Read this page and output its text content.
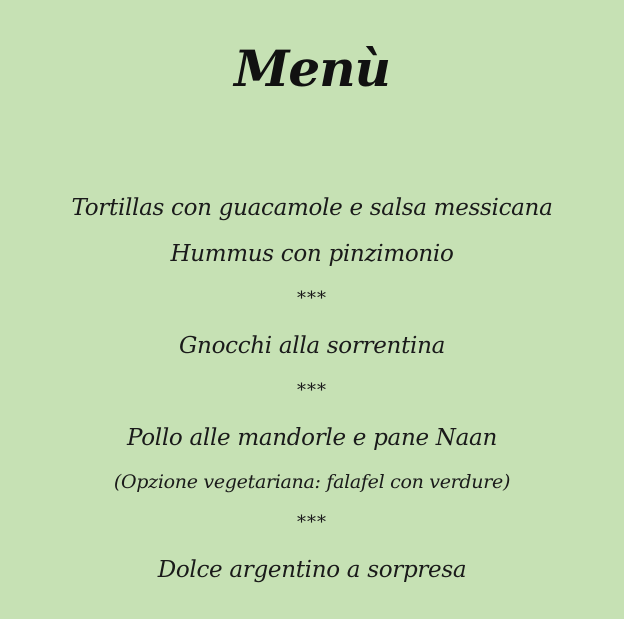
Menù
Tortillas con guacamole e salsa messicana
Hummus con pinzimonio
***
Gnocchi alla sorrentina
***
Pollo alle mandorle e pane Naan
(Opzione vegetariana: falafel con verdure)
***
Dolce argentino a sorpresa
